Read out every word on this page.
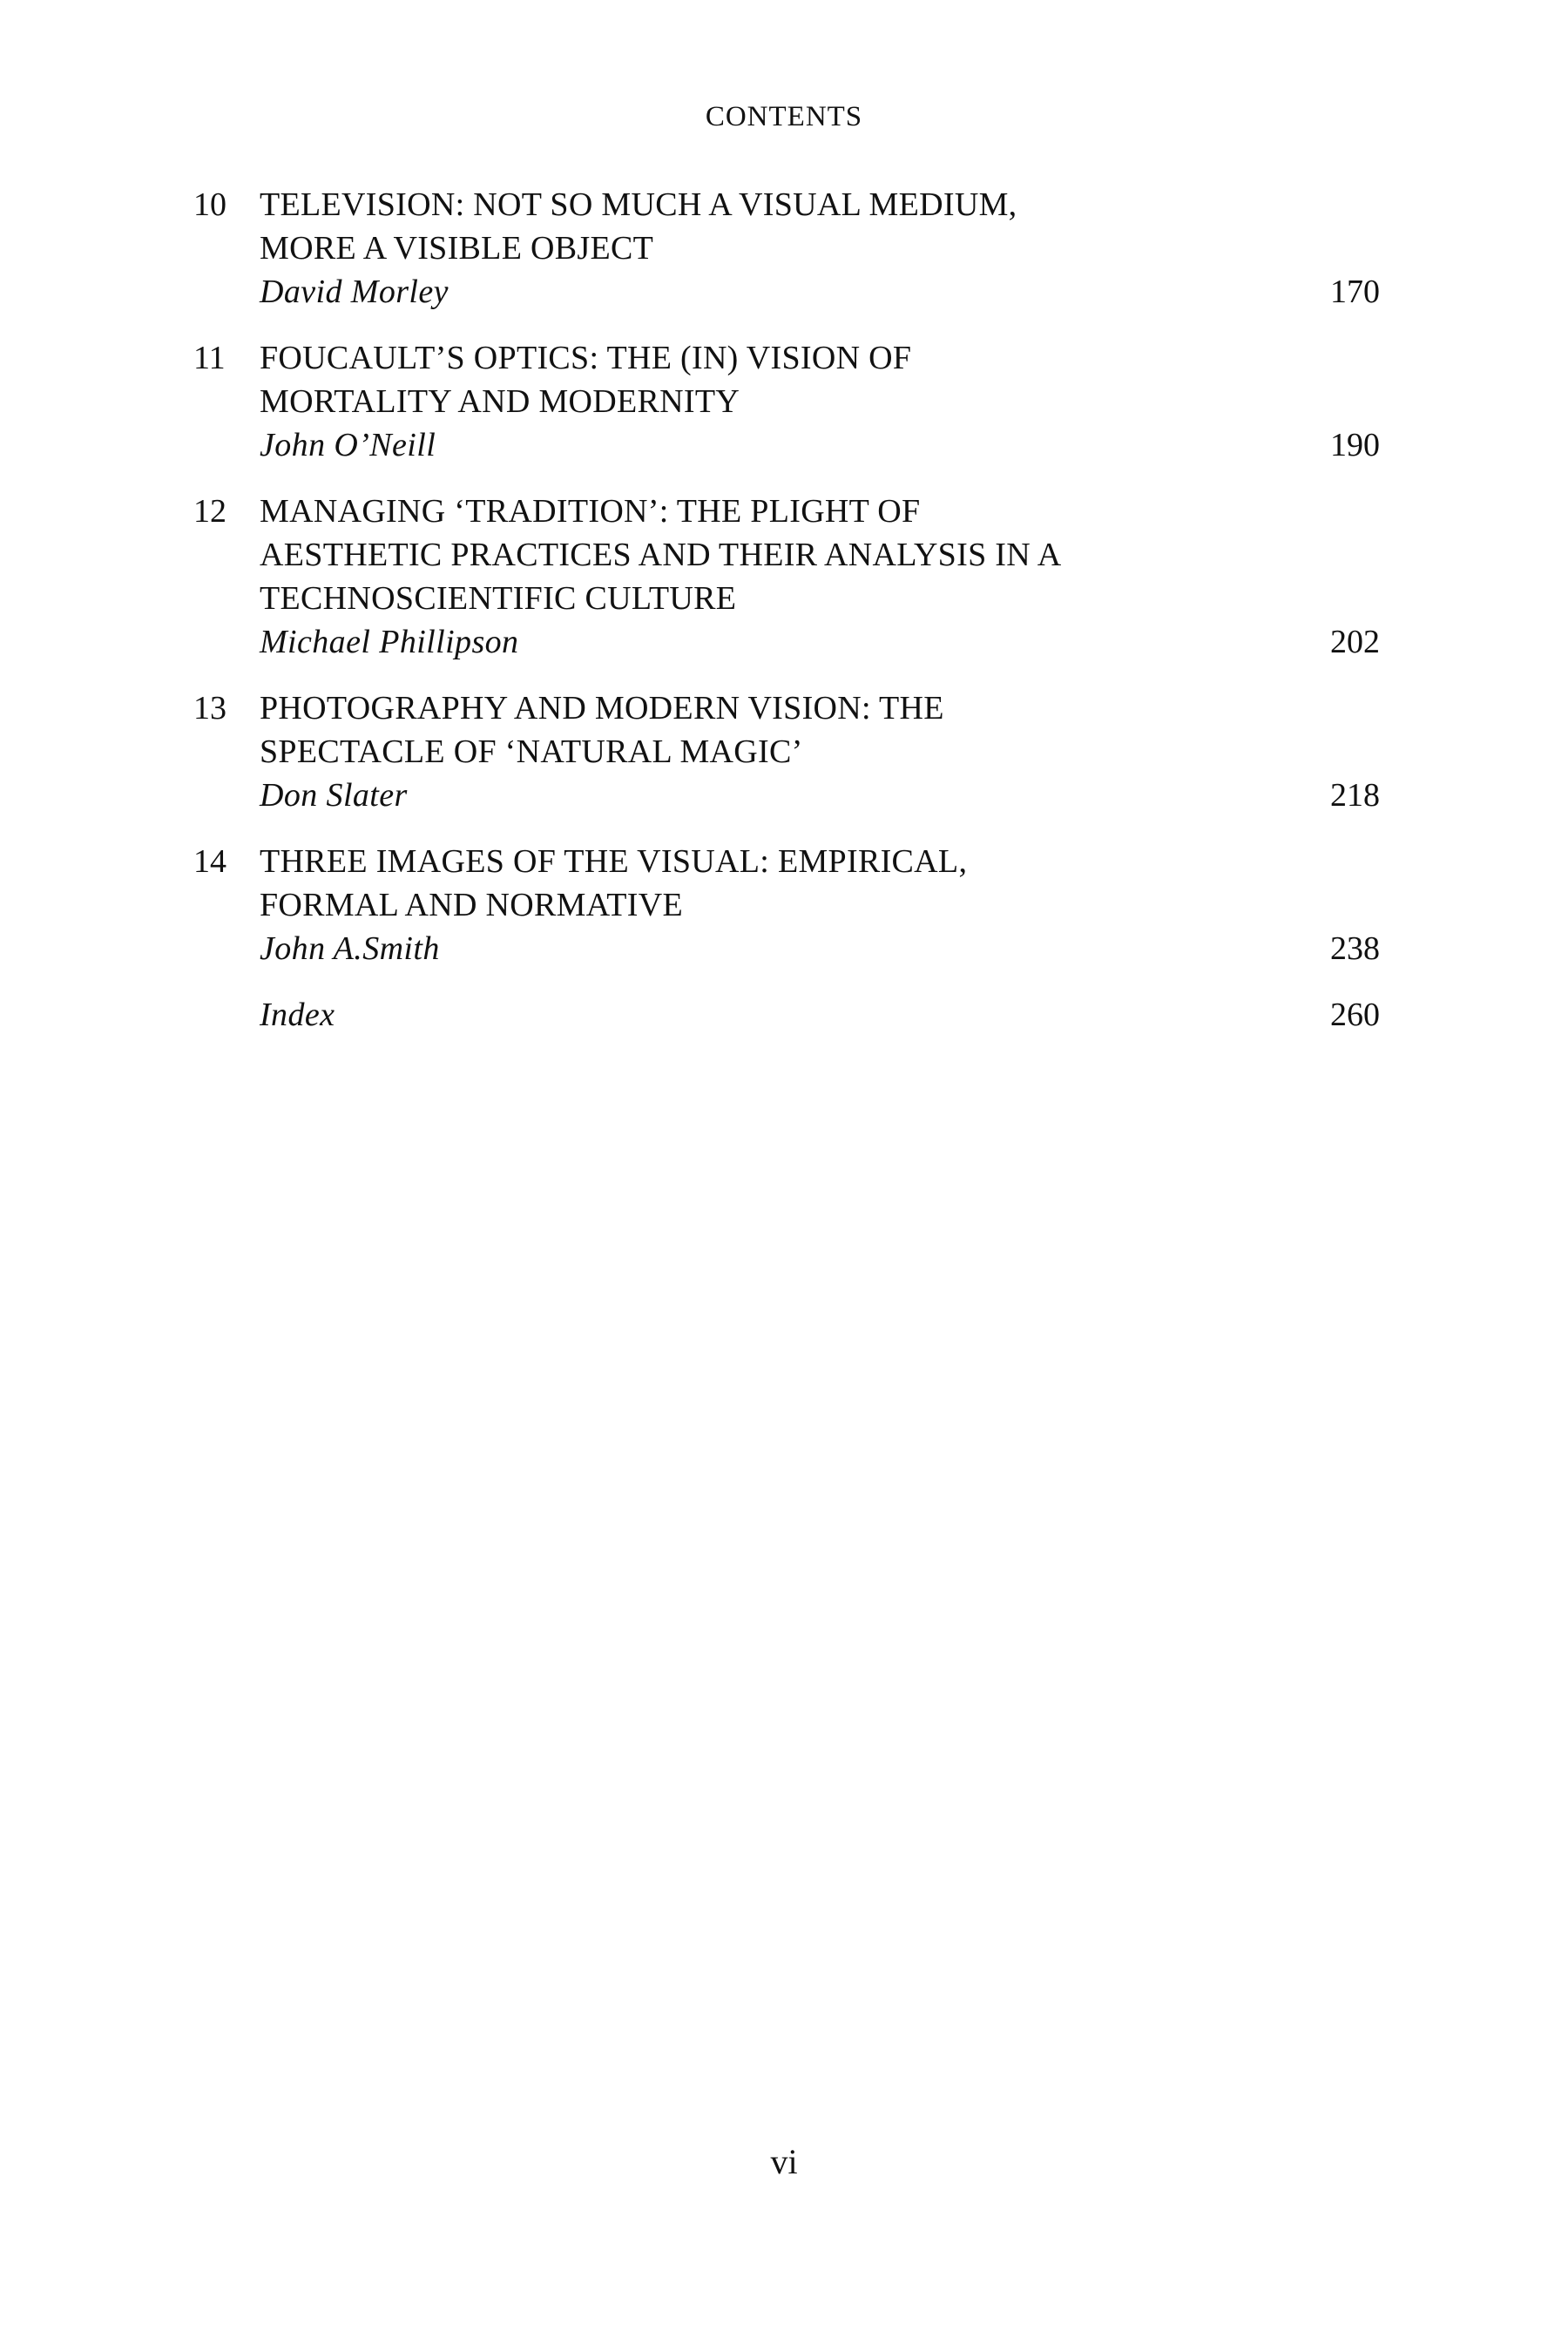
CONTENTS
10	TELEVISION: NOT SO MUCH A VISUAL MEDIUM,
MORE A VISIBLE OBJECT
David Morley	170
11	FOUCAULT’S OPTICS: THE (IN) VISION OF
MORTALITY AND MODERNITY
John O’Neill	190
12	MANAGING ‘TRADITION’: THE PLIGHT OF
AESTHETIC PRACTICES AND THEIR ANALYSIS IN A
TECHNOSCIENTIFIC CULTURE
Michael Phillipson	202
13	PHOTOGRAPHY AND MODERN VISION: THE
SPECTACLE OF ‘NATURAL MAGIC’
Don Slater	218
14	THREE IMAGES OF THE VISUAL: EMPIRICAL,
FORMAL AND NORMATIVE
John A.Smith	238
Index	260
vi
